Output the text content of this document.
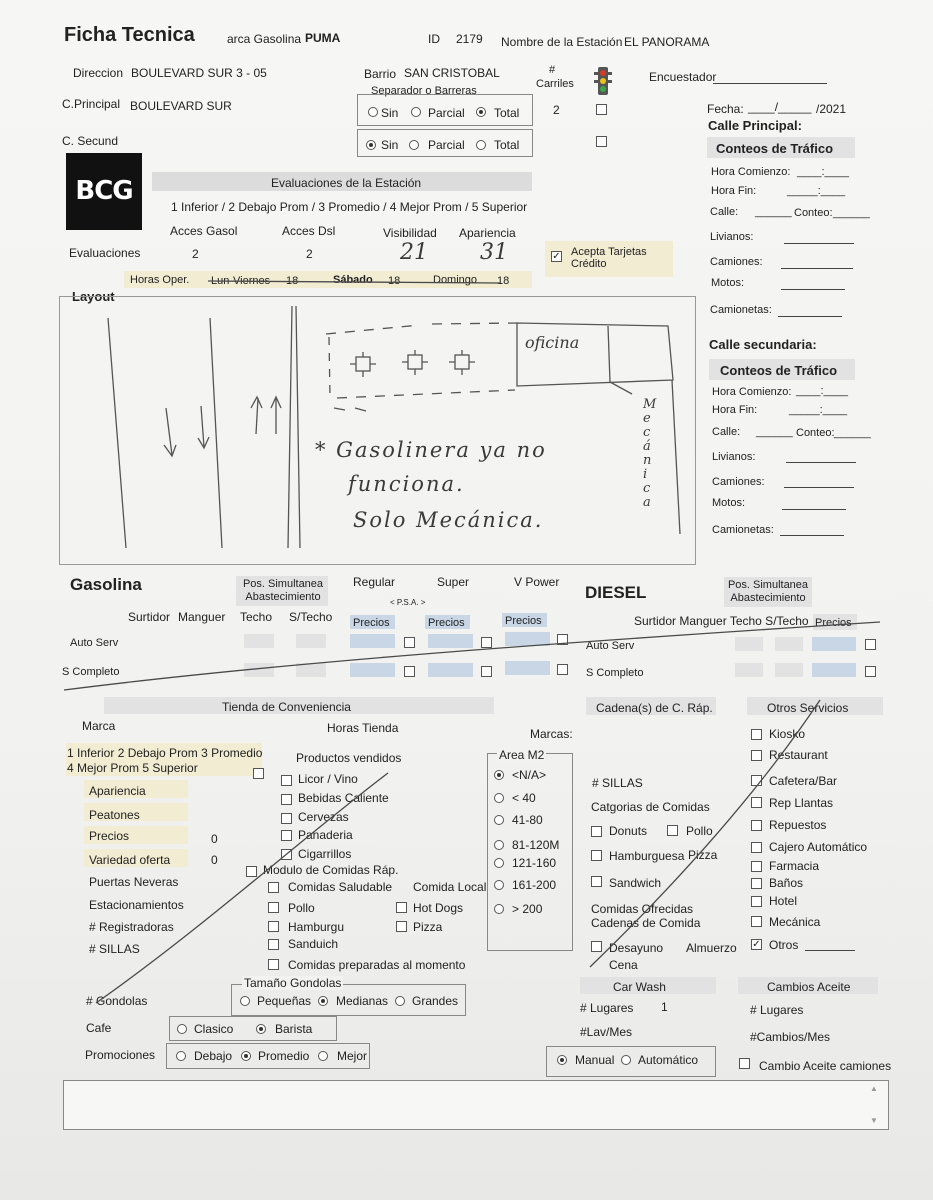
Ficha Tecnica	arca Gasolina PUMA	ID 2179 Nombre de la Estación EL PANORAMA
Direccion BOULEVARD SUR 3 - 05
C.Principal BOULEVARD SUR
C. Secund
Barrio SAN CRISTOBAL	#
Carriles
2
Separador o Barreras
Sin Parcial Total
Sin Parcial Total
Encuestador
Fecha: ____/_____ /2021
BCG	Evaluaciones de la Estación
1 Inferior / 2 Debajo Prom / 3 Promedio / 4 Mejor Prom / 5 Superior
Acces Gasol	Acces Dsl	Visibilidad Apariencia
Evaluaciones	2	2	21 31	✓ Acepta Tarjetas Crédito
Horas Oper. Lun-Viernes 18	Sábado 18	Domingo 18
Layout
oficina
M
e
c
á
n
i
c
a
* Gasolinera ya no
funciona.
Solo Mecánica.
Calle Principal:
Conteos de Tráfico
Hora Comienzo: ____:____
Hora Fin:	_____:____
Calle: ______ Conteo: ______
Livianos:
Camiones:
Motos:
Camionetas:
Calle secundaria:
Conteos de Tráfico
Hora Comienzo: ____:____
Hora Fin:	_____:____
Calle: ______ Conteo: ______
Livianos:
Camiones:
Motos:
Camionetas:
Gasolina	Pos. Simultanea Abastecimiento
Regular	Super	V Power
< P.S.A. >
Surtidor Manguer Techo S/Techo Precios	Precios	Precios
Auto Serv
S Completo
DIESEL	Pos. Simultanea Abastecimiento
Surtidor Manguer Techo S/Techo Precios
Auto Serv
S Completo
Tienda de Conveniencia
Marca	Horas Tienda	Marcas:
1 Inferior 2 Debajo Prom 3 Promedio
4 Mejor Prom 5 Superior
Productos vendidos
Licor / Vino
Bebidas Caliente
Cervezas
Panaderia
Cigarrillos
Apariencia
Peatones
Precios	0
Variedad oferta	0
Puertas Neveras
Estacionamientos
# Registradoras
# SILLAS
Modulo de Comidas Ráp.
Comidas Saludable Comida Local
Pollo	Hot Dogs
Hamburgu	Pizza
Sanduich
Comidas preparadas al momento
# Gondolas
Tamaño Gondolas
Pequeñas Medianas Grandes
Cafe	Clasico	Barista
Promociones	Debajo Promedio Mejor
Area M2
<N/A>
< 40
41-80
81-120M
121-160
161-200
> 200
Cadena(s) de C. Ráp.
# SILLAS
Catgorias de Comidas
Donuts	Pollo
Hamburguesa Pizza
Sandwich
Comidas Ofrecidas
Cadenas de Comida
Desayuno Almuerzo
Cena
Otros Servicios
Kiosko
Restaurant
Cafetera/Bar
Rep Llantas
Repuestos
Cajero Automático
Farmacia
Baños
Hotel
Mecánica
✓ Otros
Car Wash
# Lugares 1
#Lav/Mes
Manual Automático
Cambios Aceite
# Lugares
#Cambios/Mes
Cambio Aceite camiones
▲
▼
